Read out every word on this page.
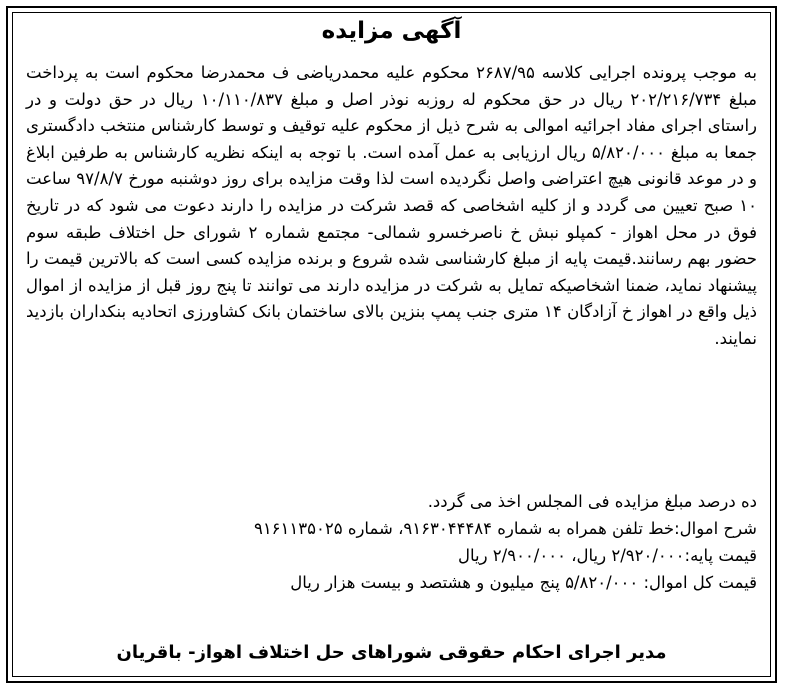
آگهی مزایده

به موجب پرونده اجرایی کلاسه ۲۶۸۷/۹۵ محکوم علیه محمدریاضی ف محمدرضا محکوم است به پرداخت مبلغ ۲۰۲/۲۱۶/۷۳۴ ریال در حق محکوم له روزبه نوذر اصل و مبلغ ۱۰/۱۱۰/۸۳۷ ریال در حق دولت و در راستای اجرای مفاد اجرائیه اموالی به شرح ذیل از محکوم علیه توقیف و توسط کارشناس منتخب دادگستری جمعا به مبلغ ۵/۸۲۰/۰۰۰ ریال ارزیابی به عمل آمده است. با توجه به اینکه نظریه کارشناس به طرفین ابلاغ و در موعد قانونی هیچ اعتراضی واصل نگردیده است لذا وقت مزایده برای روز دوشنبه مورخ ۹۷/۸/۷ ساعت ۱۰ صبح تعیین می گردد و از کلیه اشخاصی که قصد شرکت در مزایده را دارند دعوت می شود که در تاریخ فوق در محل اهواز - کمپلو نبش خ ناصرخسرو شمالی- مجتمع شماره ۲ شورای حل اختلاف طبقه سوم حضور بهم رسانند.قیمت پایه از مبلغ کارشناسی شده شروع و برنده مزایده کسی است که بالاترین قیمت را پیشنهاد نماید، ضمنا اشخاصیکه تمایل به شرکت در مزایده دارند می توانند تا پنج روز قبل از مزایده از اموال ذیل واقع در اهواز خ آزادگان ۱۴ متری جنب پمپ بنزین بالای ساختمان بانک کشاورزی اتحادیه بنکداران بازدید نمایند.

ده درصد مبلغ مزایده فی المجلس اخذ می گردد.
شرح اموال:خط تلفن همراه به شماره ۹۱۶۳۰۴۴۴۸۴، شماره ۹۱۶۱۱۳۵۰۲۵
قیمت پایه:۲/۹۲۰/۰۰۰ ریال، ۲/۹۰۰/۰۰۰ ریال
قیمت کل اموال: ۵/۸۲۰/۰۰۰ پنج میلیون و هشتصد و بیست هزار ریال
مدیر اجرای احکام حقوقی شوراهای حل اختلاف اهواز- باقریان
